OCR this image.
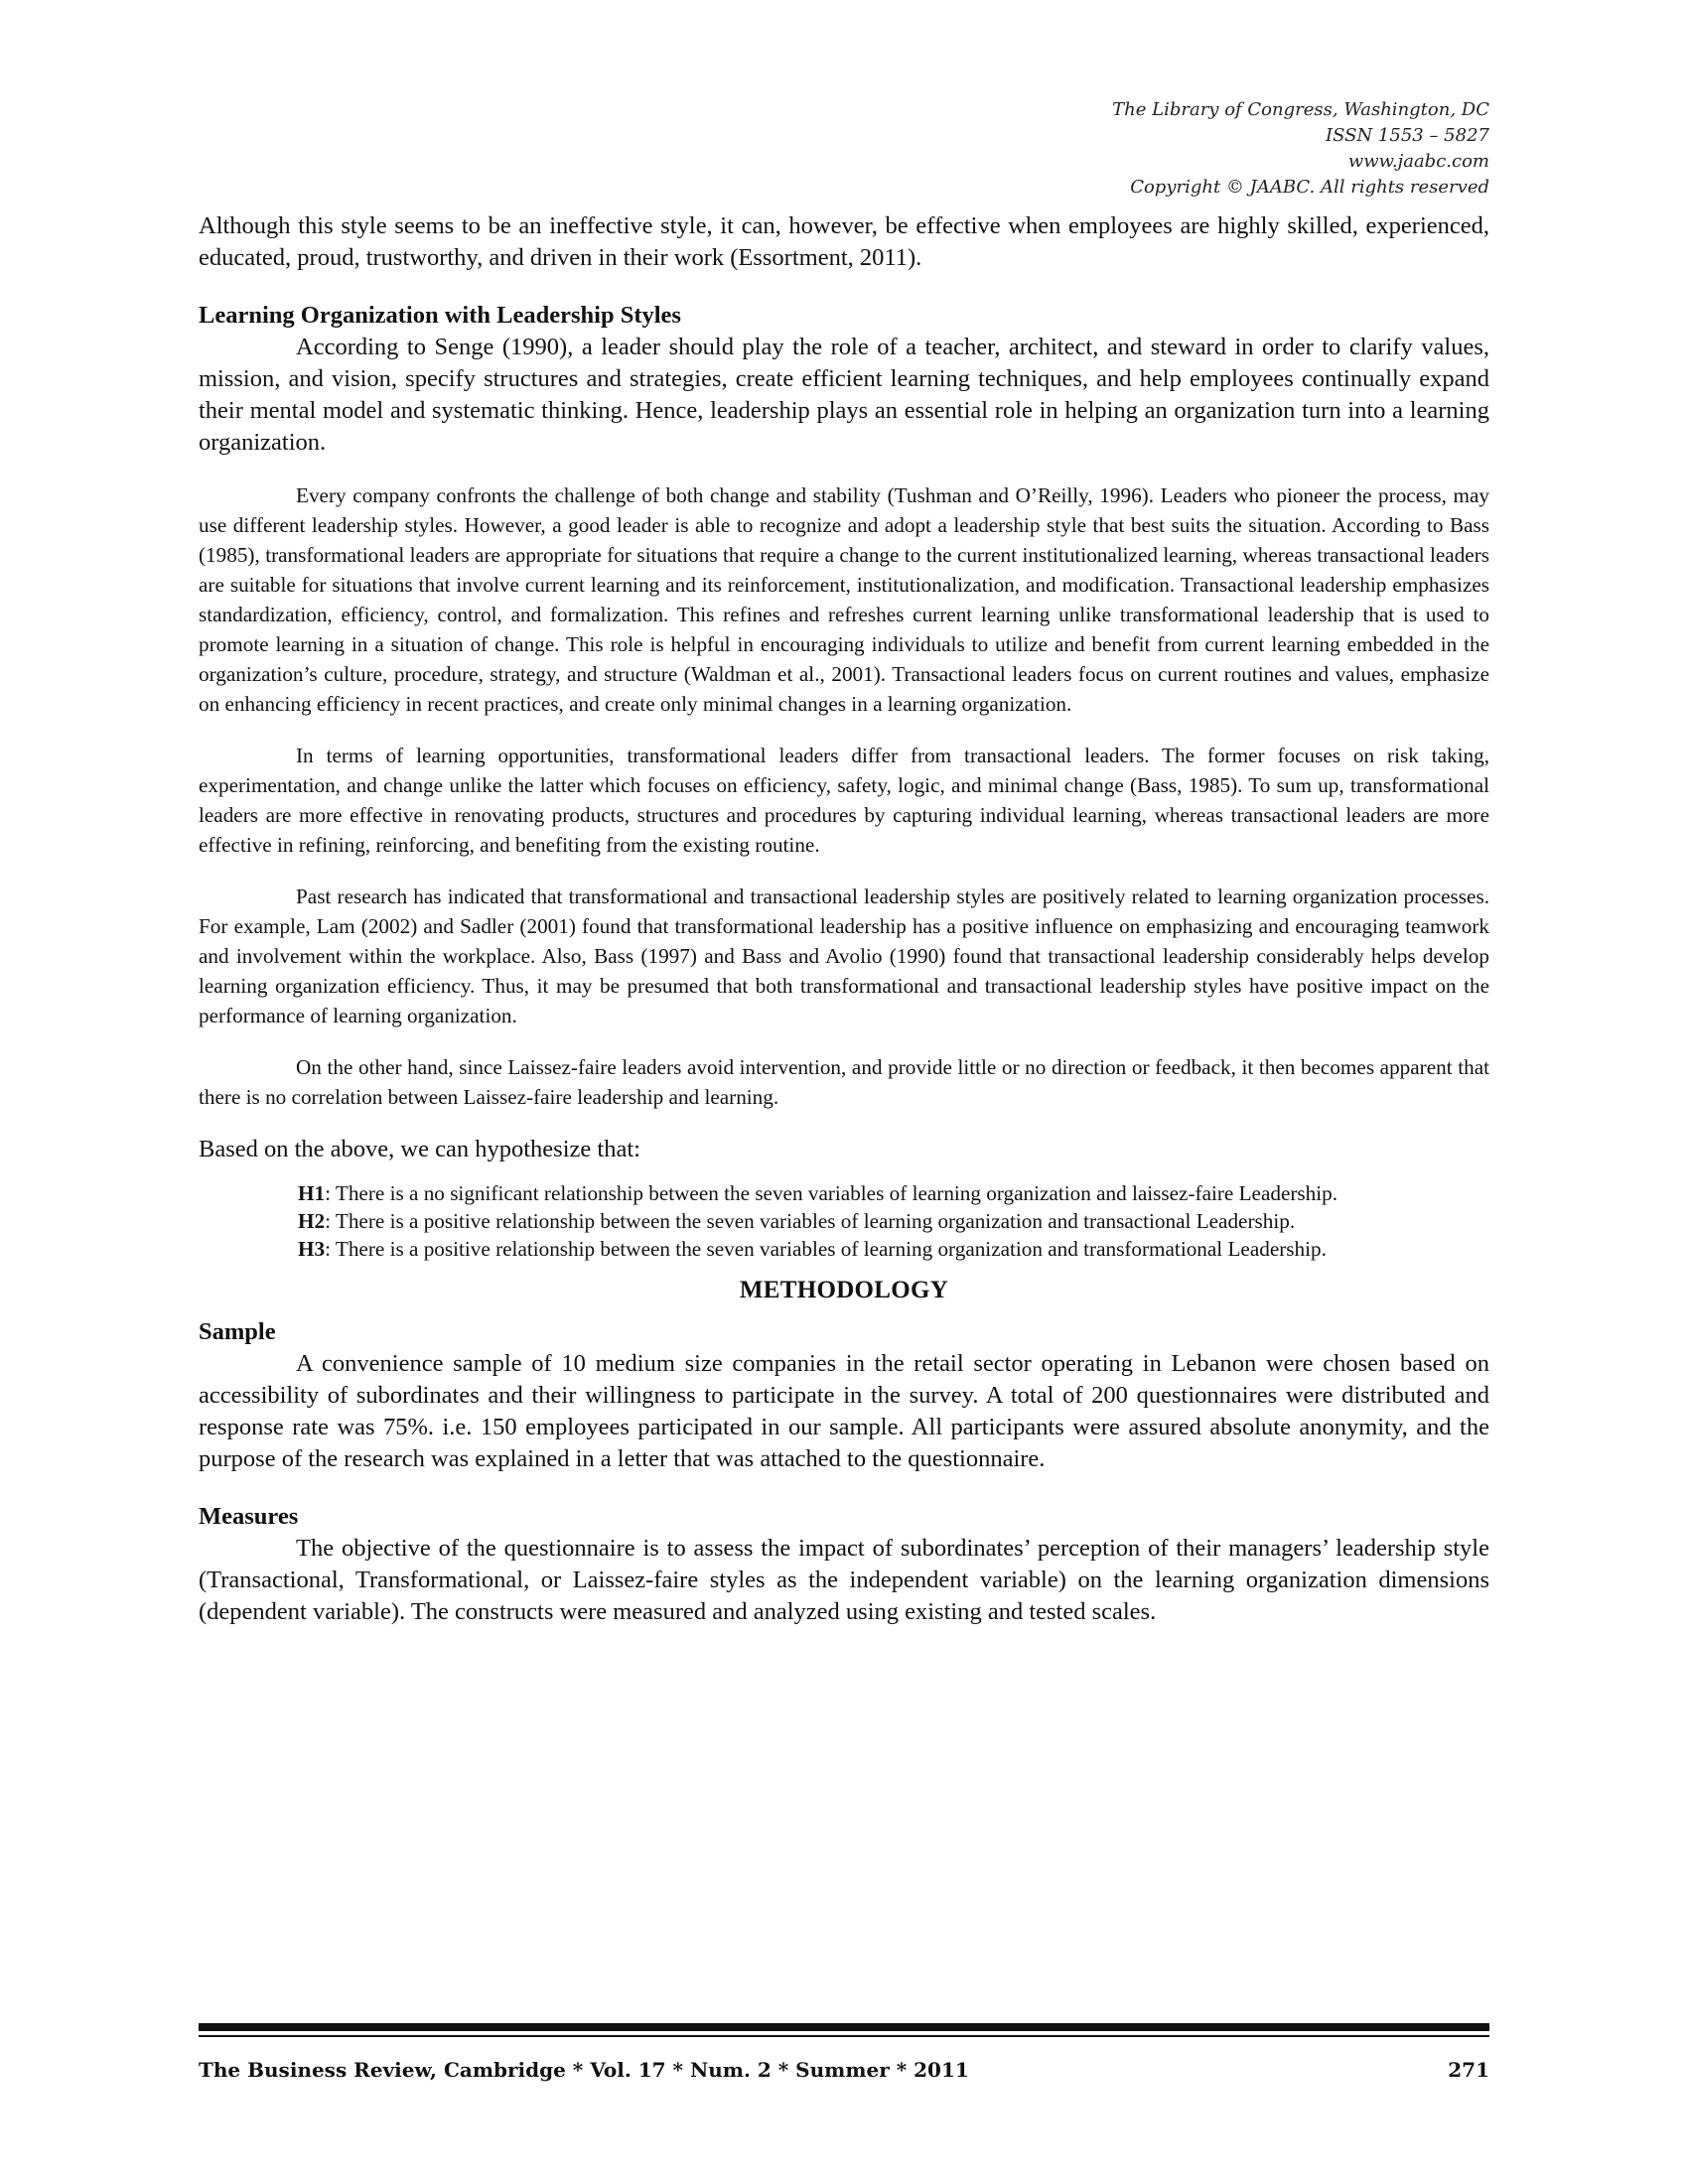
The Library of Congress, Washington, DC
ISSN 1553 – 5827
www.jaabc.com
Copyright © JAABC. All rights reserved

Although this style seems to be an ineffective style, it can, however, be effective when employees are highly skilled, experienced, educated, proud, trustworthy, and driven in their work (Essortment, 2011).

Learning Organization with Leadership Styles

According to Senge (1990), a leader should play the role of a teacher, architect, and steward in order to clarify values, mission, and vision, specify structures and strategies, create efficient learning techniques, and help employees continually expand their mental model and systematic thinking. Hence, leadership plays an essential role in helping an organization turn into a learning organization.

Every company confronts the challenge of both change and stability (Tushman and O’Reilly, 1996). Leaders who pioneer the process, may use different leadership styles. However, a good leader is able to recognize and adopt a leadership style that best suits the situation. According to Bass (1985), transformational leaders are appropriate for situations that require a change to the current institutionalized learning, whereas transactional leaders are suitable for situations that involve current learning and its reinforcement, institutionalization, and modification. Transactional leadership emphasizes standardization, efficiency, control, and formalization. This refines and refreshes current learning unlike transformational leadership that is used to promote learning in a situation of change. This role is helpful in encouraging individuals to utilize and benefit from current learning embedded in the organization’s culture, procedure, strategy, and structure (Waldman et al., 2001). Transactional leaders focus on current routines and values, emphasize on enhancing efficiency in recent practices, and create only minimal changes in a learning organization.

In terms of learning opportunities, transformational leaders differ from transactional leaders. The former focuses on risk taking, experimentation, and change unlike the latter which focuses on efficiency, safety, logic, and minimal change (Bass, 1985). To sum up, transformational leaders are more effective in renovating products, structures and procedures by capturing individual learning, whereas transactional leaders are more effective in refining, reinforcing, and benefiting from the existing routine.

Past research has indicated that transformational and transactional leadership styles are positively related to learning organization processes. For example, Lam (2002) and Sadler (2001) found that transformational leadership has a positive influence on emphasizing and encouraging teamwork and involvement within the workplace. Also, Bass (1997) and Bass and Avolio (1990) found that transactional leadership considerably helps develop learning organization efficiency. Thus, it may be presumed that both transformational and transactional leadership styles have positive impact on the performance of learning organization.

On the other hand, since Laissez-faire leaders avoid intervention, and provide little or no direction or feedback, it then becomes apparent that there is no correlation between Laissez-faire leadership and learning.

Based on the above, we can hypothesize that:

H1: There is a no significant relationship between the seven variables of learning organization and laissez-faire Leadership.
H2: There is a positive relationship between the seven variables of learning organization and transactional Leadership.
H3: There is a positive relationship between the seven variables of learning organization and transformational Leadership.

METHODOLOGY

Sample

A convenience sample of 10 medium size companies in the retail sector operating in Lebanon were chosen based on accessibility of subordinates and their willingness to participate in the survey. A total of 200 questionnaires were distributed and response rate was 75%. i.e. 150 employees participated in our sample. All participants were assured absolute anonymity, and the purpose of the research was explained in a letter that was attached to the questionnaire.

Measures

The objective of the questionnaire is to assess the impact of subordinates’ perception of their managers’ leadership style (Transactional, Transformational, or Laissez-faire styles as the independent variable) on the learning organization dimensions (dependent variable). The constructs were measured and analyzed using existing and tested scales.

The Business Review, Cambridge * Vol. 17 * Num. 2 * Summer * 2011	271
